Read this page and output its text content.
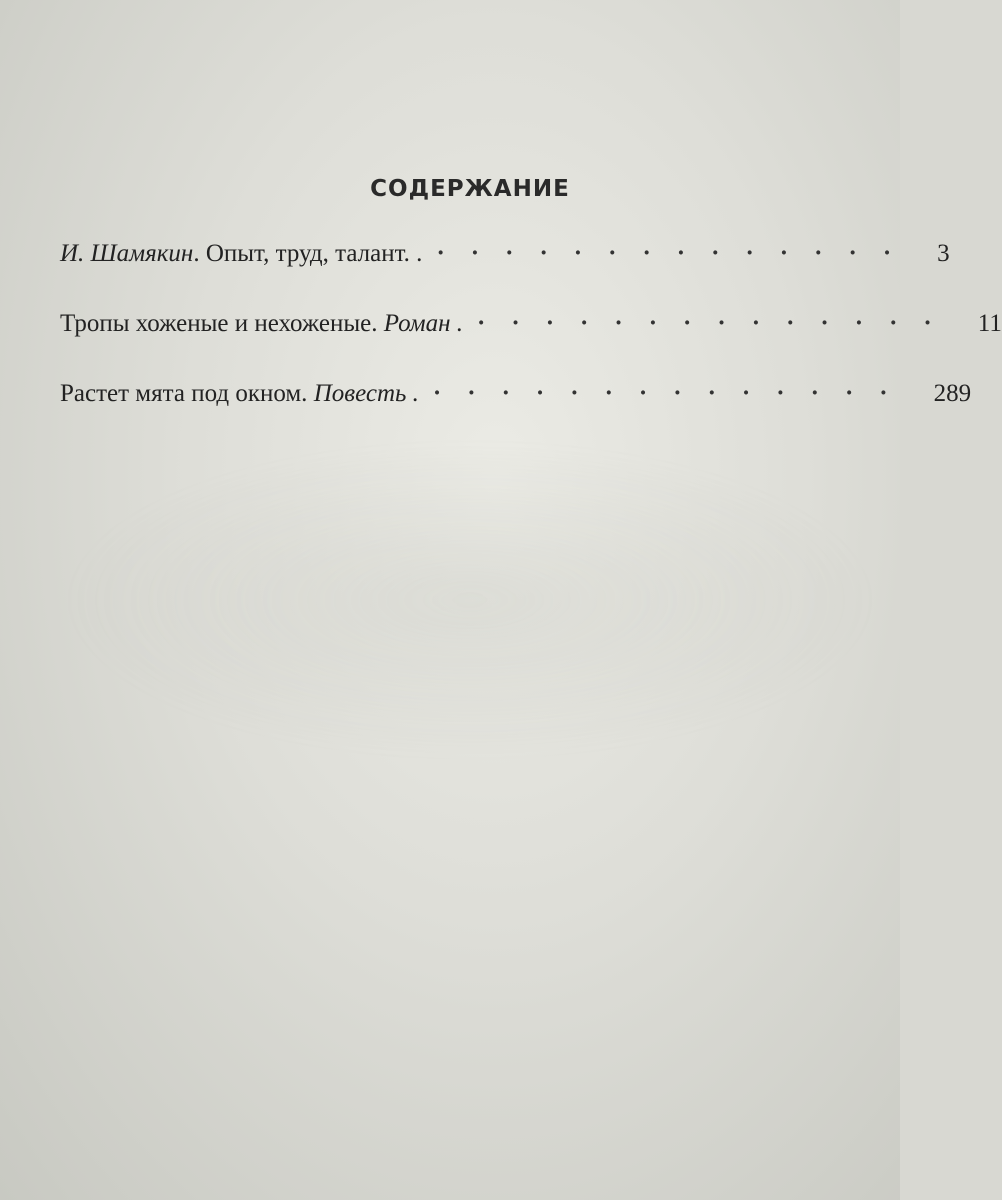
СОДЕРЖАНИЕ
И. Шамякин. Опыт, труд, талант. . ·············· 3
Тропы хоженые и нехоженые. Роман . ·············· 11
Растет мята под окном. Повесть . ·············· 289
